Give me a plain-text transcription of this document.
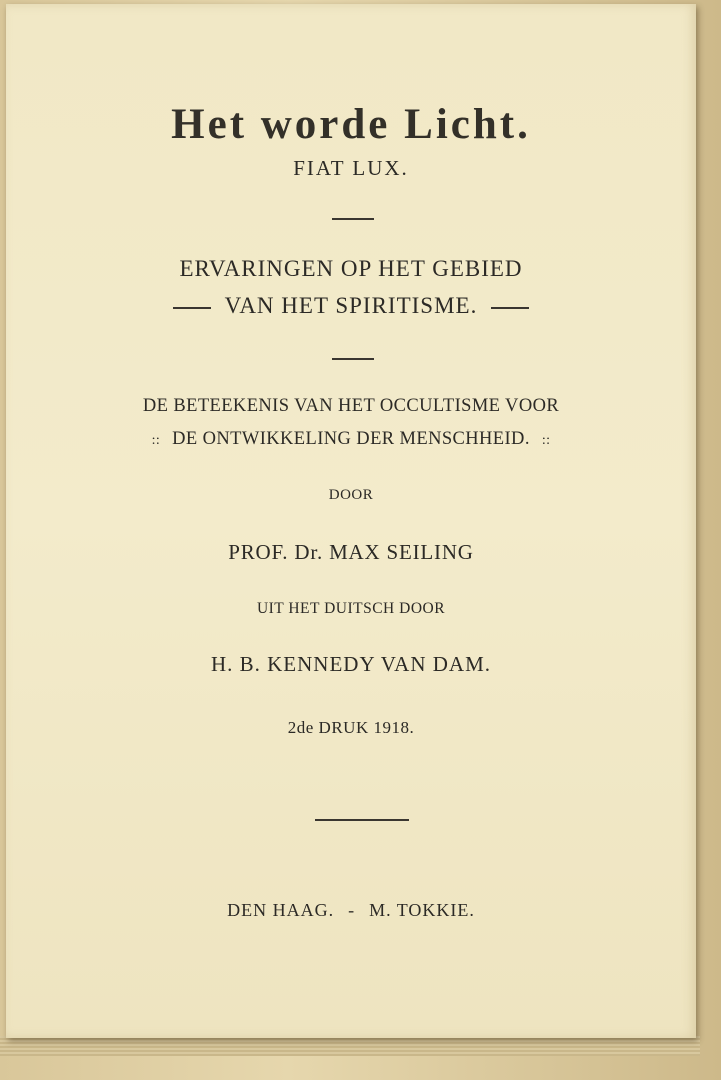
Het worde Licht.
FIAT LUX.
ERVARINGEN OP HET GEBIED
VAN HET SPIRITISME.
DE BETEEKENIS VAN HET OCCULTISME VOOR
:: DE ONTWIKKELING DER MENSCHHEID. ::
DOOR
PROF. Dr. MAX SEILING
UIT HET DUITSCH DOOR
H. B. KENNEDY VAN DAM.
2de DRUK 1918.
DEN HAAG. - M. TOKKIE.
